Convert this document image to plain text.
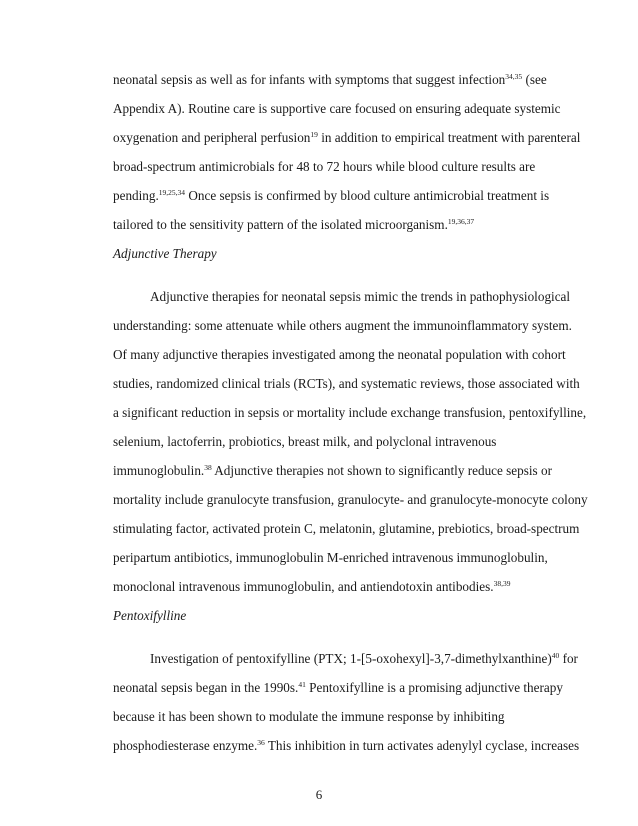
neonatal sepsis as well as for infants with symptoms that suggest infection$^{34,35}$ (see
Appendix A). Routine care is supportive care focused on ensuring adequate systemic
oxygenation and peripheral perfusion$^{19}$ in addition to empirical treatment with parenteral
broad-spectrum antimicrobials for 48 to 72 hours while blood culture results are
pending.$^{19,25,34}$ Once sepsis is confirmed by blood culture antimicrobial treatment is
tailored to the sensitivity pattern of the isolated microorganism.$^{19,36,37}$
Adjunctive Therapy
Adjunctive therapies for neonatal sepsis mimic the trends in pathophysiological
understanding: some attenuate while others augment the immunoinflammatory system.
Of many adjunctive therapies investigated among the neonatal population with cohort
studies, randomized clinical trials (RCTs), and systematic reviews, those associated with
a significant reduction in sepsis or mortality include exchange transfusion, pentoxifylline,
selenium, lactoferrin, probiotics, breast milk, and polyclonal intravenous
immunoglobulin.$^{38}$ Adjunctive therapies not shown to significantly reduce sepsis or
mortality include granulocyte transfusion, granulocyte- and granulocyte-monocyte colony
stimulating factor, activated protein C, melatonin, glutamine, prebiotics, broad-spectrum
peripartum antibiotics, immunoglobulin M-enriched intravenous immunoglobulin,
monoclonal intravenous immunoglobulin, and antiendotoxin antibodies.$^{38,39}$
Pentoxifylline
Investigation of pentoxifylline (PTX; 1-[5-oxohexyl]-3,7-dimethylxanthine)$^{40}$ for
neonatal sepsis began in the 1990s.$^{41}$ Pentoxifylline is a promising adjunctive therapy
because it has been shown to modulate the immune response by inhibiting
phosphodiesterase enzyme.$^{36}$ This inhibition in turn activates adenylyl cyclase, increases
6
